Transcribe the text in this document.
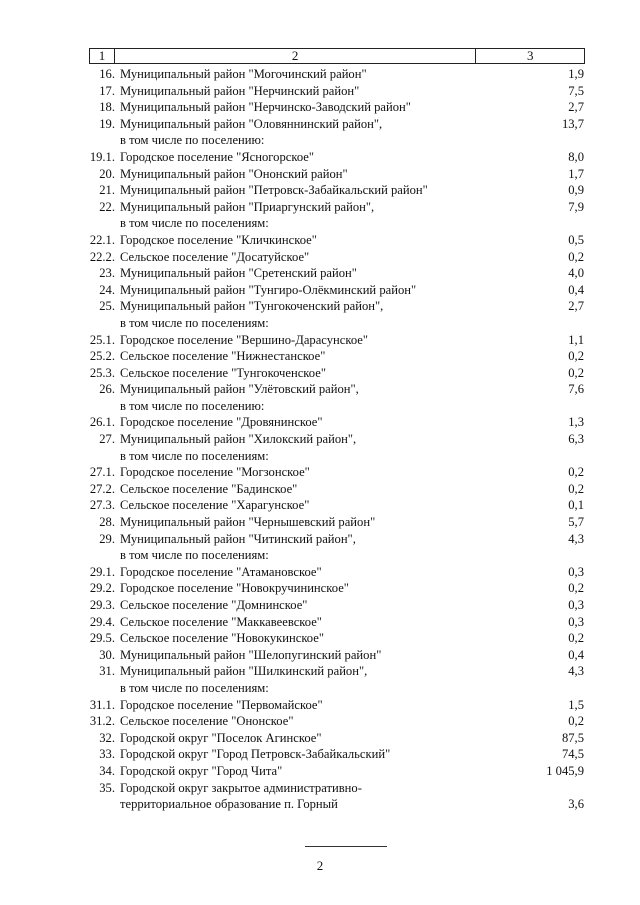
1	2	3
16. Муниципальный район "Могочинский район"	1,9
17. Муниципальный район "Нерчинский район"	7,5
18. Муниципальный район "Нерчинско-Заводский район"	2,7
19. Муниципальный район "Оловяннинский район",	13,7
в том числе по поселению:
19.1. Городское поселение "Ясногорское"	8,0
20. Муниципальный район "Ононский район"	1,7
21. Муниципальный район "Петровск-Забайкальский район"	0,9
22. Муниципальный район "Приаргунский район",	7,9
в том числе по поселениям:
22.1. Городское поселение "Кличкинское"	0,5
22.2. Сельское поселение "Досатуйское"	0,2
23. Муниципальный район "Сретенский район"	4,0
24. Муниципальный район "Тунгиро-Олёкминский район"	0,4
25. Муниципальный район "Тунгокоченский район",	2,7
в том числе по поселениям:
25.1. Городское поселение "Вершино-Дарасунское"	1,1
25.2. Сельское поселение "Нижнестанское"	0,2
25.3. Сельское поселение "Тунгокоченское"	0,2
26. Муниципальный район "Улётовский район",	7,6
в том числе по поселению:
26.1. Городское поселение "Дровянинское"	1,3
27. Муниципальный район "Хилокский район",	6,3
в том числе по поселениям:
27.1. Городское поселение "Могзонское"	0,2
27.2. Сельское поселение "Бадинское"	0,2
27.3. Сельское поселение "Харагунское"	0,1
28. Муниципальный район "Чернышевский район"	5,7
29. Муниципальный район "Читинский район",	4,3
в том числе по поселениям:
29.1. Городское поселение "Атамановское"	0,3
29.2. Городское поселение "Новокручининское"	0,2
29.3. Сельское поселение "Домнинское"	0,3
29.4. Сельское поселение "Маккавеевское"	0,3
29.5. Сельское поселение "Новокукинское"	0,2
30. Муниципальный район "Шелопугинский район"	0,4
31. Муниципальный район "Шилкинский район",	4,3
в том числе по поселениям:
31.1. Городское поселение "Первомайское"	1,5
31.2. Сельское поселение "Ононское"	0,2
32. Городской округ "Поселок Агинское"	87,5
33. Городской округ "Город Петровск-Забайкальский"	74,5
34. Городской округ "Город Чита"	1 045,9
35. Городской округ закрытое административно-
территориальное образование п. Горный	3,6
2
